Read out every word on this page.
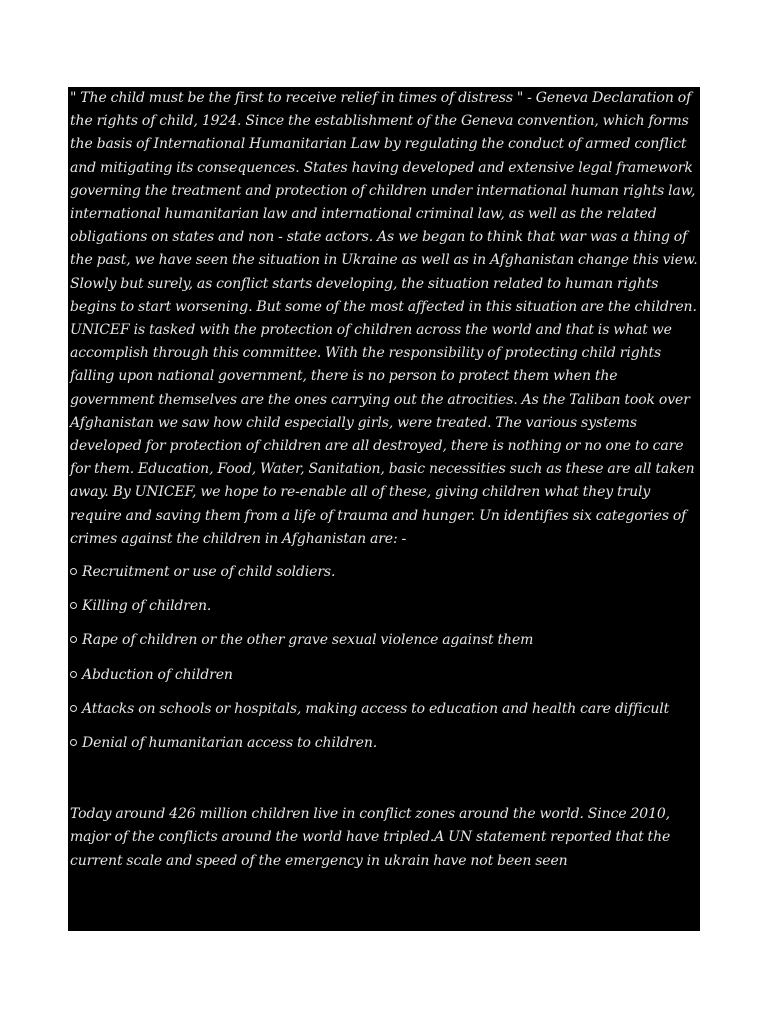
" The child must be the first to receive relief in times of distress " - Geneva Declaration of the rights of child, 1924. Since the establishment of the Geneva convention, which forms the basis of International Humanitarian Law by regulating the conduct of armed conflict and mitigating its consequences. States having developed and extensive legal framework governing the treatment and protection of children under international human rights law, international humanitarian law and international criminal law, as well as the related obligations on states and non - state actors. As we began to think that war was a thing of the past, we have seen the situation in Ukraine as well as in Afghanistan change this view. Slowly but surely, as conflict starts developing, the situation related to human rights begins to start worsening. But some of the most affected in this situation are the children. UNICEF is tasked with the protection of children across the world and that is what we accomplish through this committee. With the responsibility of protecting child rights falling upon national government, there is no person to protect them when the government themselves are the ones carrying out the atrocities. As the Taliban took over Afghanistan we saw how child especially girls, were treated. The various systems developed for protection of children are all destroyed, there is nothing or no one to care for them. Education, Food, Water, Sanitation, basic necessities such as these are all taken away. By UNICEF, we hope to re-enable all of these, giving children what they truly require and saving them from a life of trauma and hunger. Un identifies six categories of crimes against the children in Afghanistan are: -

Recruitment or use of child soldiers.
Killing of children.
Rape of children or the other grave sexual violence against them
Abduction of children
Attacks on schools or hospitals, making access to education and health care difficult
Denial of humanitarian access to children.

Today around 426 million children live in conflict zones around the world. Since 2010, major of the conflicts around the world have tripled.A UN statement reported that the current scale and speed of the emergency in ukrain have not been seen
